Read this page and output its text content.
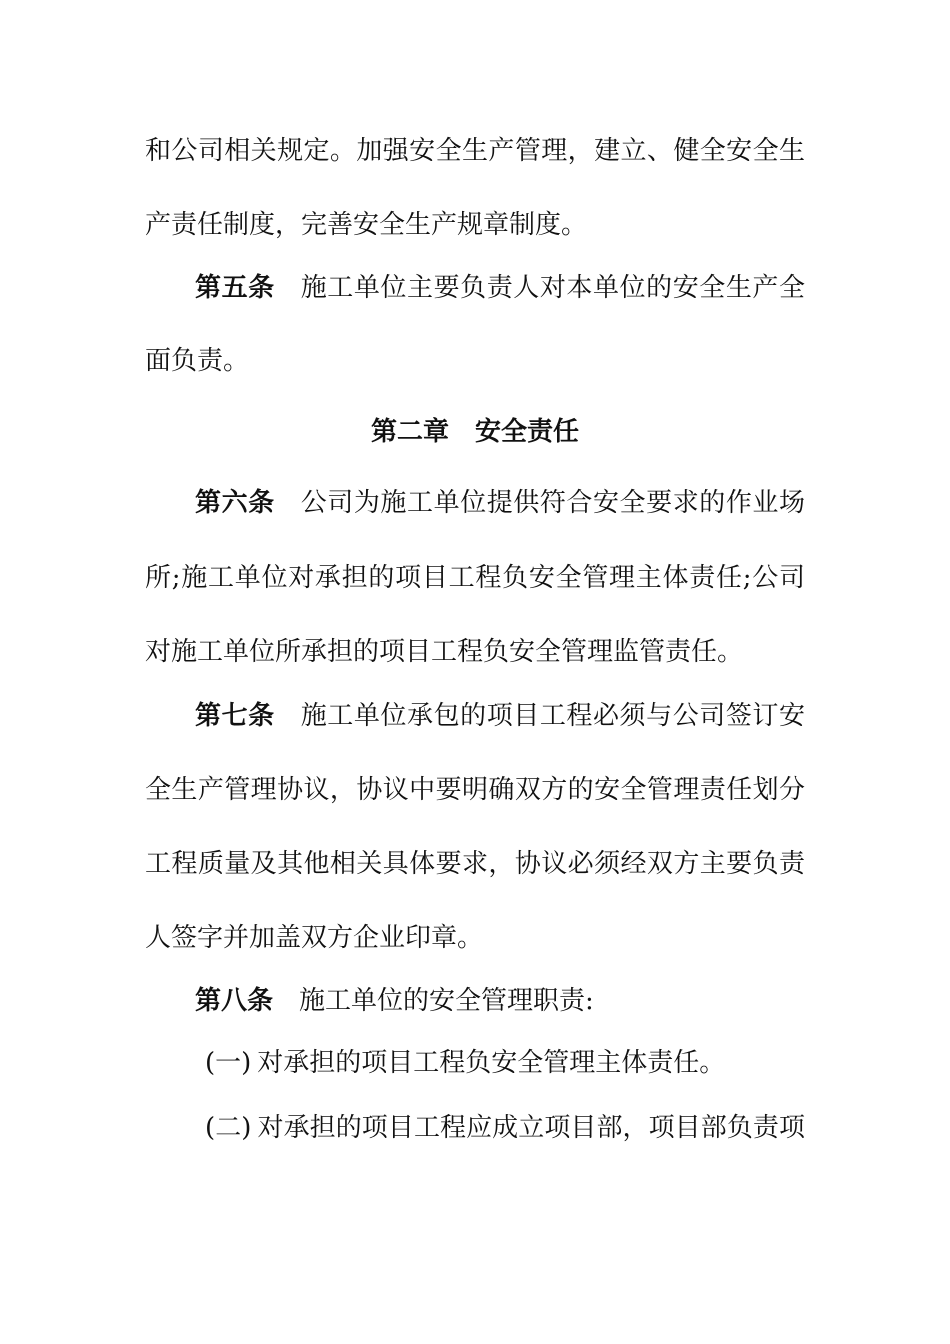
和公司相关规定。加强安全生产管理，建立、健全安全生
产责任制度，完善安全生产规章制度。
第五条 施工单位主要负责人对本单位的安全生产全
面负责。
第二章 安全责任
第六条 公司为施工单位提供符合安全要求的作业场
所;施工单位对承担的项目工程负安全管理主体责任;公司
对施工单位所承担的项目工程负安全管理监管责任。
第七条 施工单位承包的项目工程必须与公司签订安
全生产管理协议，协议中要明确双方的安全管理责任划分
工程质量及其他相关具体要求，协议必须经双方主要负责
人签字并加盖双方企业印章。
第八条 施工单位的安全管理职责:
(一) 对承担的项目工程负安全管理主体责任。
(二) 对承担的项目工程应成立项目部，项目部负责项
